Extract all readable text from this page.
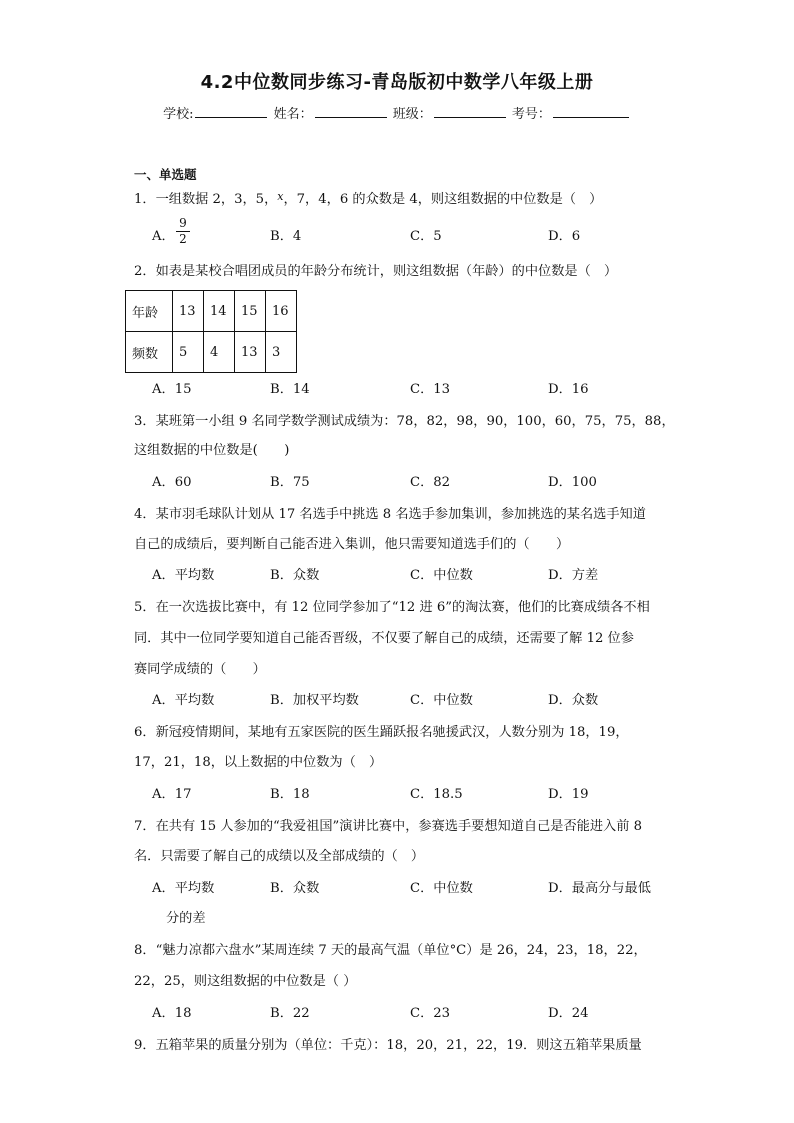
4.2中位数同步练习-青岛版初中数学八年级上册
学校:	姓名：	班级：	考号：
一、单选题
1．一组数据 2，3，5，$^x$，7，4，6 的众数是 4，则这组数据的中位数是（　）
A．
9
2	B．4	C．5	D．6
2．如表是某校合唱团成员的年龄分布统计，则这组数据（年龄）的中位数是（　）
年龄	13	14	15	16
频数	5	4	13	3
A．15	B．14	C．13	D．16
3．某班第一小组 9 名同学数学测试成绩为：78，82，98，90，100，60，75，75，88，
这组数据的中位数是(　　)
A．60	B．75	C．82	D．100
4．某市羽毛球队计划从 17 名选手中挑选 8 名选手参加集训，参加挑选的某名选手知道
自己的成绩后，要判断自己能否进入集训，他只需要知道选手们的（　　）
A．平均数	B．众数	C．中位数	D．方差
5．在一次选拔比赛中，有 12 位同学参加了“12 进 6”的淘汰赛，他们的比赛成绩各不相
同．其中一位同学要知道自己能否晋级，不仅要了解自己的成绩，还需要了解 12 位参
赛同学成绩的（　　）
A．平均数	B．加权平均数	C．中位数	D．众数
6．新冠疫情期间，某地有五家医院的医生踊跃报名驰援武汉，人数分别为 18，19，
17，21，18，以上数据的中位数为（　）
A．17	B．18	C．18.5	D．19
7．在共有 15 人参加的“我爱祖国”演讲比赛中，参赛选手要想知道自己是否能进入前 8
名．只需要了解自己的成绩以及全部成绩的（　）
A．平均数	B．众数	C．中位数	D．最高分与最低
分的差
8．“魅力凉都六盘水”某周连续 7 天的最高气温（单位°C）是 26，24，23，18，22，
22，25，则这组数据的中位数是（ ）
A．18	B．22	C．23	D．24
9．五箱苹果的质量分别为（单位：千克）：18，20，21，22，19．则这五箱苹果质量
